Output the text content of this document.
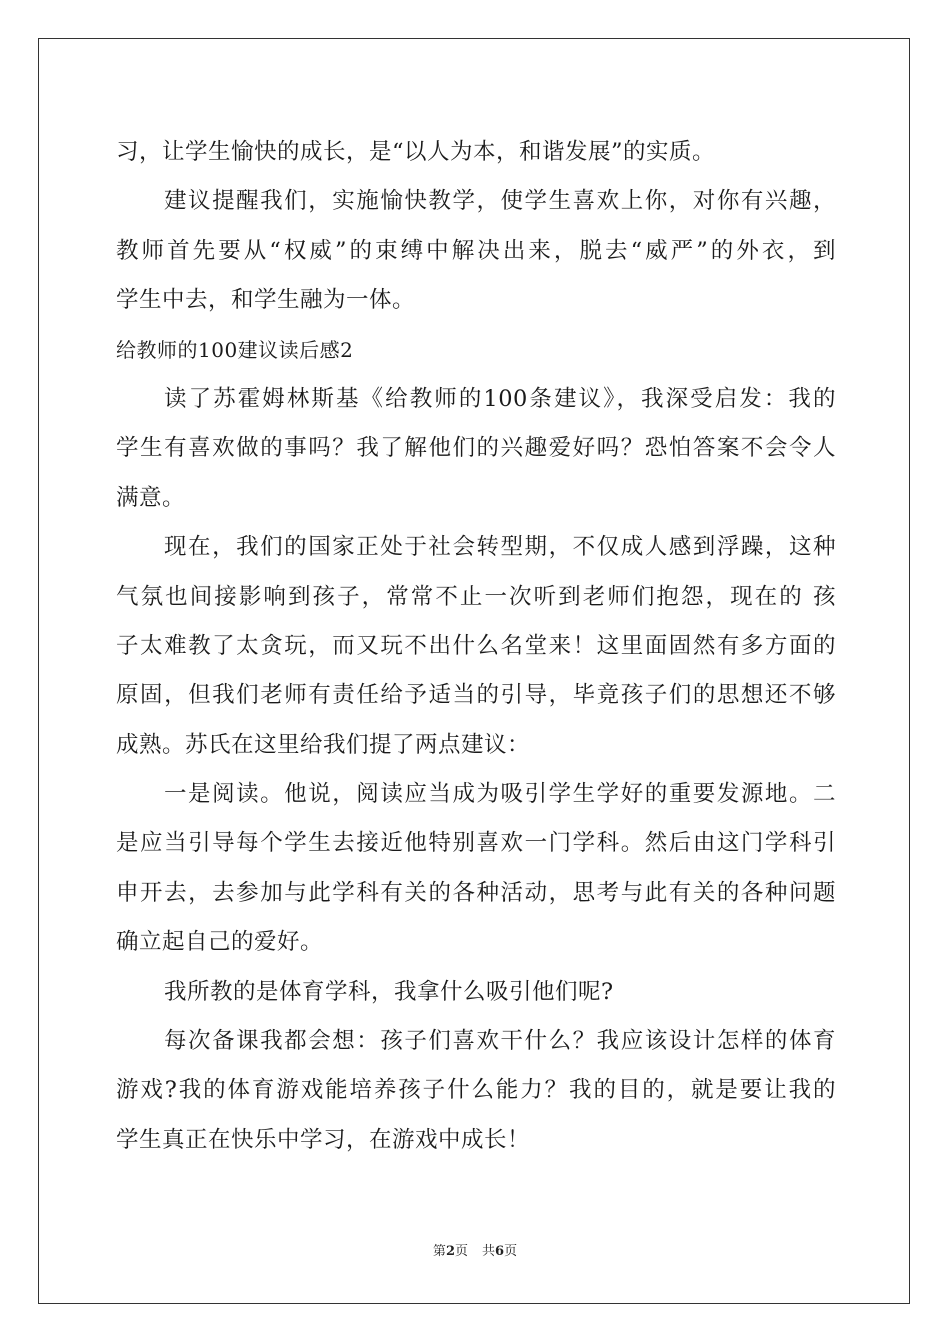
习，让学生愉快的成长，是“以人为本，和谐发展”的实质。
建议提醒我们，实施愉快教学，使学生喜欢上你，对你有兴趣，
教师首先要从“权威”的束缚中解决出来，脱去“威严”的外衣，到
学生中去，和学生融为一体。
给教师的100建议读后感2
读了苏霍姆林斯基《给教师的100条建议》，我深受启发：我的
学生有喜欢做的事吗？我了解他们的兴趣爱好吗？恐怕答案不会令人
满意。
现在，我们的国家正处于社会转型期，不仅成人感到浮躁，这种
气氛也间接影响到孩子，常常不止一次听到老师们抱怨，现在的 孩
子太难教了太贪玩，而又玩不出什么名堂来！这里面固然有多方面的
原固，但我们老师有责任给予适当的引导，毕竟孩子们的思想还不够
成熟。苏氏在这里给我们提了两点建议：
一是阅读。他说，阅读应当成为吸引学生学好的重要发源地。二
是应当引导每个学生去接近他特别喜欢一门学科。然后由这门学科引
申开去，去参加与此学科有关的各种活动，思考与此有关的各种问题
确立起自己的爱好。
我所教的是体育学科，我拿什么吸引他们呢?
每次备课我都会想：孩子们喜欢干什么？我应该设计怎样的体育
游戏?我的体育游戏能培养孩子什么能力？我的目的，就是要让我的
学生真正在快乐中学习，在游戏中成长！
第2页 共6页
